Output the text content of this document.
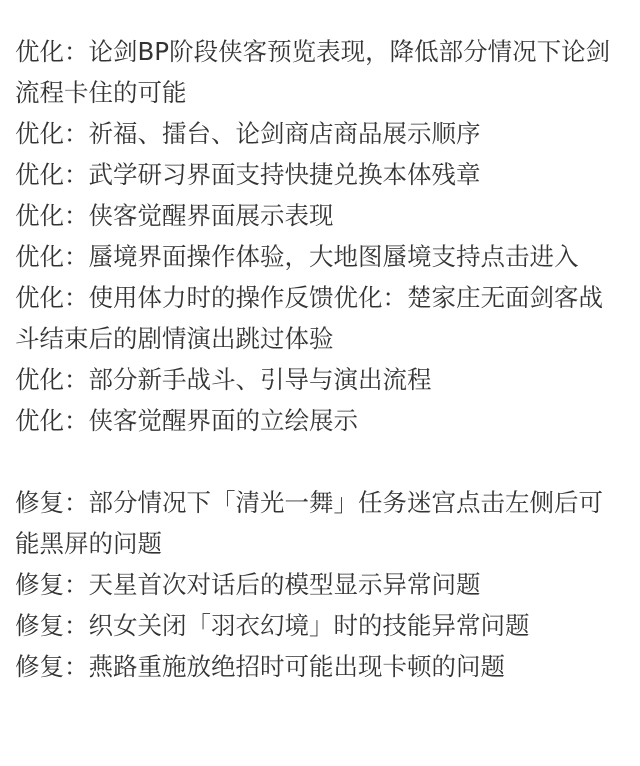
优化：论剑BP阶段侠客预览表现，降低部分情况下论剑流程卡住的可能

优化：祈福、擂台、论剑商店商品展示顺序

优化：武学研习界面支持快捷兑换本体残章

优化：侠客觉醒界面展示表现

优化：蜃境界面操作体验，大地图蜃境支持点击进入

优化：使用体力时的操作反馈优化：楚家庄无面剑客战斗结束后的剧情演出跳过体验

优化：部分新手战斗、引导与演出流程

优化：侠客觉醒界面的立绘展示

修复：部分情况下「清光一舞」任务迷宫点击左侧后可能黑屏的问题

修复：天星首次对话后的模型显示异常问题

修复：织女关闭「羽衣幻境」时的技能异常问题

修复：燕路重施放绝招时可能出现卡顿的问题
